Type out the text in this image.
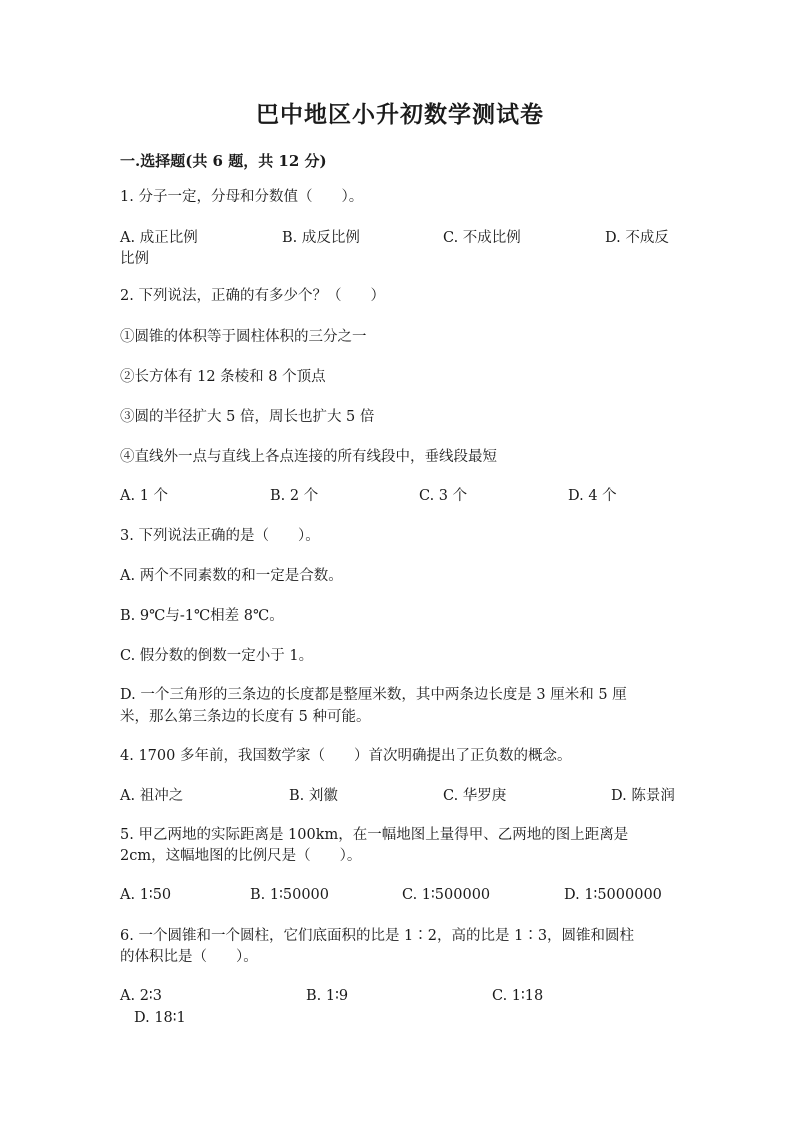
巴中地区小升初数学测试卷
一.选择题(共 6 题，共 12 分)
1. 分子一定，分母和分数值（　　）。
A. 成正比例	B. 成反比例	C. 不成比例	D. 不成反
比例
2. 下列说法，正确的有多少个？（　　）
①圆锥的体积等于圆柱体积的三分之一
②长方体有 12 条棱和 8 个顶点
③圆的半径扩大 5 倍，周长也扩大 5 倍
④直线外一点与直线上各点连接的所有线段中，垂线段最短
A. 1 个	B. 2 个	C. 3 个	D. 4 个
3. 下列说法正确的是（　　）。
A. 两个不同素数的和一定是合数。
B. 9℃与-1℃相差 8℃。
C. 假分数的倒数一定小于 1。
D. 一个三角形的三条边的长度都是整厘米数，其中两条边长度是 3 厘米和 5 厘
米，那么第三条边的长度有 5 种可能。
4. 1700 多年前，我国数学家（　　）首次明确提出了正负数的概念。
A. 祖冲之	B. 刘徽	C. 华罗庚	D. 陈景润
5. 甲乙两地的实际距离是 100km，在一幅地图上量得甲、乙两地的图上距离是
2cm，这幅地图的比例尺是（　　）。
A. 1∶50	B. 1∶50000	C. 1∶500000	D. 1∶5000000
6. 一个圆锥和一个圆柱，它们底面积的比是 1∶2，高的比是 1∶3，圆锥和圆柱
的体积比是（　　）。
A. 2∶3	B. 1∶9	C. 1∶18
D. 18∶1
